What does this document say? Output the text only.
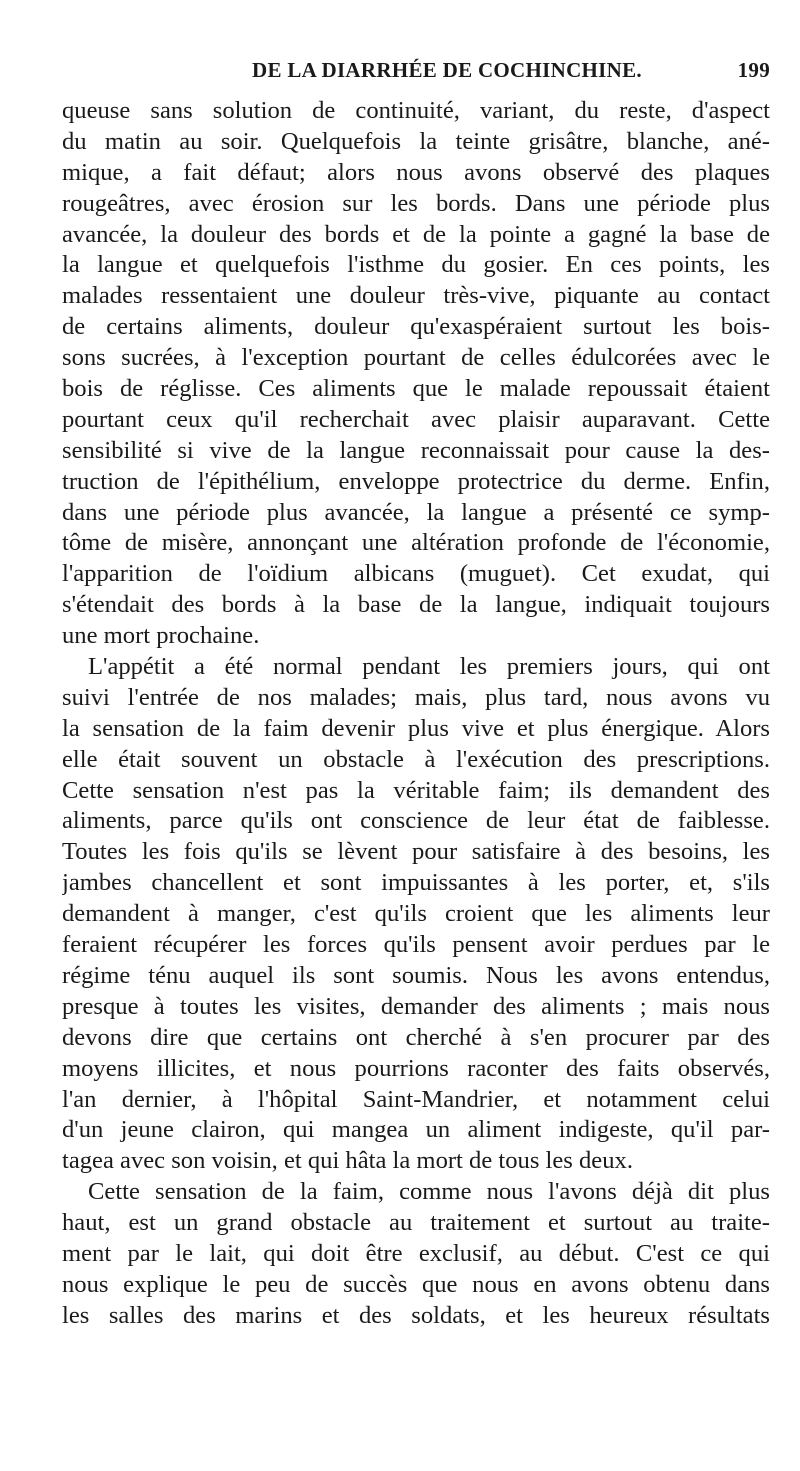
DE LA DIARRHÉE DE COCHINCHINE.	199
queuse sans solution de continuité, variant, du reste, d'aspect
du matin au soir. Quelquefois la teinte grisâtre, blanche, ané-
mique, a fait défaut; alors nous avons observé des plaques
rougeâtres, avec érosion sur les bords. Dans une période plus
avancée, la douleur des bords et de la pointe a gagné la base de
la langue et quelquefois l'isthme du gosier. En ces points, les
malades ressentaient une douleur très-vive, piquante au contact
de certains aliments, douleur qu'exaspéraient surtout les bois-
sons sucrées, à l'exception pourtant de celles édulcorées avec le
bois de réglisse. Ces aliments que le malade repoussait étaient
pourtant ceux qu'il recherchait avec plaisir auparavant. Cette
sensibilité si vive de la langue reconnaissait pour cause la des-
truction de l'épithélium, enveloppe protectrice du derme. Enfin,
dans une période plus avancée, la langue a présenté ce symp-
tôme de misère, annonçant une altération profonde de l'économie,
l'apparition de l'oïdium albicans (muguet). Cet exudat, qui
s'étendait des bords à la base de la langue, indiquait toujours
une mort prochaine.
L'appétit a été normal pendant les premiers jours, qui ont
suivi l'entrée de nos malades; mais, plus tard, nous avons vu
la sensation de la faim devenir plus vive et plus énergique. Alors
elle était souvent un obstacle à l'exécution des prescriptions.
Cette sensation n'est pas la véritable faim; ils demandent des
aliments, parce qu'ils ont conscience de leur état de faiblesse.
Toutes les fois qu'ils se lèvent pour satisfaire à des besoins, les
jambes chancellent et sont impuissantes à les porter, et, s'ils
demandent à manger, c'est qu'ils croient que les aliments leur
feraient récupérer les forces qu'ils pensent avoir perdues par le
régime ténu auquel ils sont soumis. Nous les avons entendus,
presque à toutes les visites, demander des aliments ; mais nous
devons dire que certains ont cherché à s'en procurer par des
moyens illicites, et nous pourrions raconter des faits observés,
l'an dernier, à l'hôpital Saint-Mandrier, et notamment celui
d'un jeune clairon, qui mangea un aliment indigeste, qu'il par-
tagea avec son voisin, et qui hâta la mort de tous les deux.
Cette sensation de la faim, comme nous l'avons déjà dit plus
haut, est un grand obstacle au traitement et surtout au traite-
ment par le lait, qui doit être exclusif, au début. C'est ce qui
nous explique le peu de succès que nous en avons obtenu dans
les salles des marins et des soldats, et les heureux résultats
